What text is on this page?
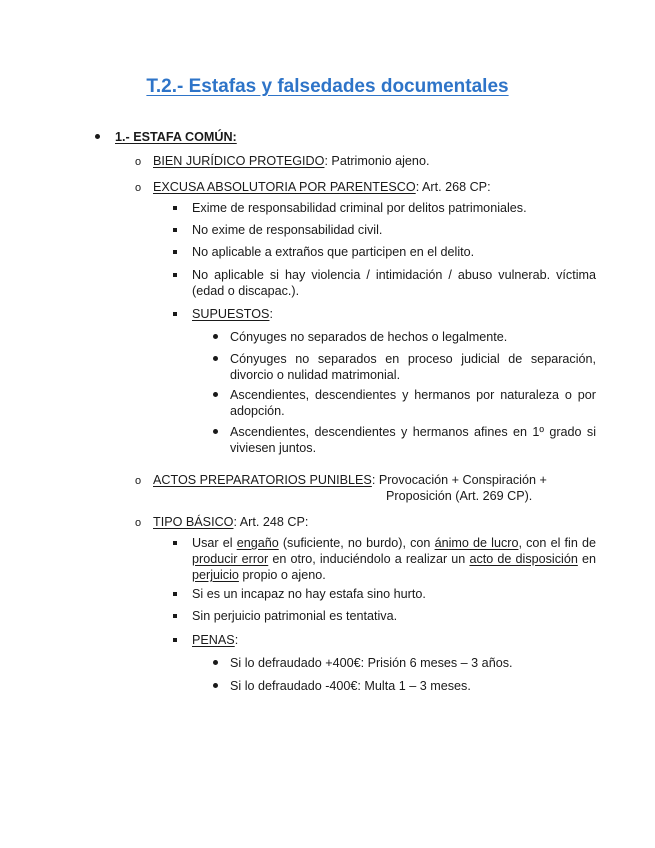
T.2.- Estafas y falsedades documentales
1.- ESTAFA COMÚN:
o BIEN JURÍDICO PROTEGIDO: Patrimonio ajeno.
o EXCUSA ABSOLUTORIA POR PARENTESCO: Art. 268 CP:
Exime de responsabilidad criminal por delitos patrimoniales.
No exime de responsabilidad civil.
No aplicable a extraños que participen en el delito.
No aplicable si hay violencia / intimidación / abuso vulnerab. víctima (edad o discapac.).
SUPUESTOS:
Cónyuges no separados de hechos o legalmente.
Cónyuges no separados en proceso judicial de separación, divorcio o nulidad matrimonial.
Ascendientes, descendientes y hermanos por naturaleza o por adopción.
Ascendientes, descendientes y hermanos afines en 1º grado si viviesen juntos.
o ACTOS PREPARATORIOS PUNIBLES: Provocación + Conspiración +
Proposición (Art. 269 CP).
o TIPO BÁSICO: Art. 248 CP:
Usar el engaño (suficiente, no burdo), con ánimo de lucro, con el fin de producir error en otro, induciéndolo a realizar un acto de disposición en perjuicio propio o ajeno.
Si es un incapaz no hay estafa sino hurto.
Sin perjuicio patrimonial es tentativa.
PENAS:
Si lo defraudado +400€: Prisión 6 meses – 3 años.
Si lo defraudado -400€: Multa 1 – 3 meses.
